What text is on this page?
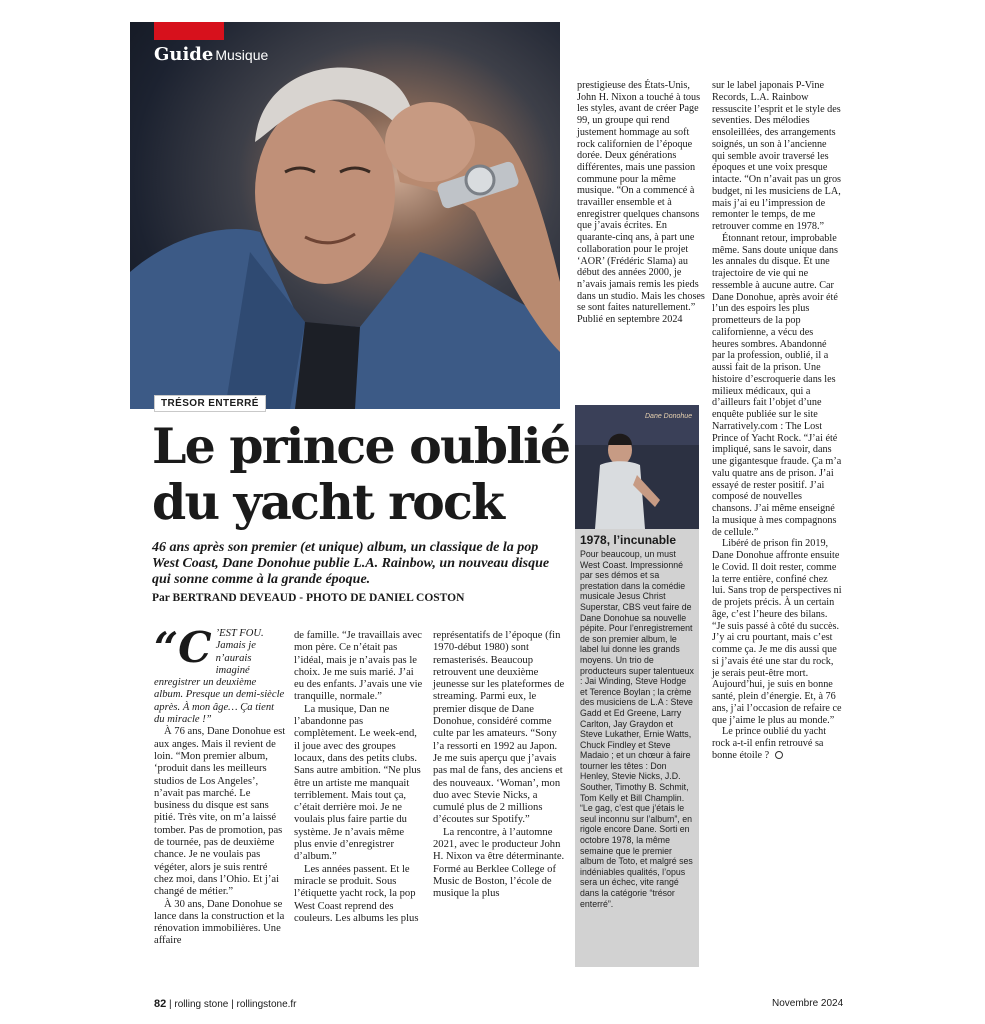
Guide Musique
TRÉSOR ENTERRÉ
Le prince oublié du yacht rock
46 ans après son premier (et unique) album, un classique de la pop West Coast, Dane Donohue publie L.A. Rainbow, un nouveau disque qui sonne comme à la grande époque.
Par BERTRAND DEVEAUD - PHOTO DE DANIEL COSTON

“C ’EST FOU. Jamais je n’aurais imaginé enregistrer un deuxième album. Presque un demi-siècle après. À mon âge… Ça tient du miracle !”

À 76 ans, Dane Donohue est aux anges. Mais il revient de loin. “Mon premier album, ‘produit dans les meilleurs studios de Los Angeles’, n’avait pas marché. Le business du disque est sans pitié. Très vite, on m’a laissé tomber. Pas de promotion, pas de tournée, pas de deuxième chance. Je ne voulais pas végéter, alors je suis rentré chez moi, dans l’Ohio. Et j’ai changé de métier.”

À 30 ans, Dane Donohue se lance dans la construction et la rénovation immobilières. Une affaire

de famille. “Je travaillais avec mon père. Ce n’était pas l’idéal, mais je n’avais pas le choix. Je me suis marié. J’ai eu des enfants. J’avais une vie tranquille, normale.”

La musique, Dan ne l’abandonne pas complètement. Le week-end, il joue avec des groupes locaux, dans des petits clubs. Sans autre ambition. “Ne plus être un artiste me manquait terriblement. Mais tout ça, c’était derrière moi. Je ne voulais plus faire partie du système. Je n’avais même plus envie d’enregistrer d’album.”

Les années passent. Et le miracle se produit. Sous l’étiquette yacht rock, la pop West Coast reprend des couleurs. Les albums les plus

représentatifs de l’époque (fin 1970-début 1980) sont remasterisés. Beaucoup retrouvent une deuxième jeunesse sur les plateformes de streaming. Parmi eux, le premier disque de Dane Donohue, considéré comme culte par les amateurs. “Sony l’a ressorti en 1992 au Japon. Je me suis aperçu que j’avais pas mal de fans, des anciens et des nouveaux. ‘Woman’, mon duo avec Stevie Nicks, a cumulé plus de 2 millions d’écoutes sur Spotify.”

La rencontre, à l’automne 2021, avec le producteur John H. Nixon va être déterminante. Formé au Berklee College of Music de Boston, l’école de musique la plus

prestigieuse des États-Unis, John H. Nixon a touché à tous les styles, avant de créer Page 99, un groupe qui rend justement hommage au soft rock californien de l’époque dorée. Deux générations différentes, mais une passion commune pour la même musique. “On a commencé à travailler ensemble et à enregistrer quelques chansons que j’avais écrites. En quarante-cinq ans, à part une collaboration pour le projet ‘AOR’ (Frédéric Slama) au début des années 2000, je n’avais jamais remis les pieds dans un studio. Mais les choses se sont faites naturellement.”

Publié en septembre 2024

Dane Donohue
1978, l’incunable
Pour beaucoup, un must West Coast. Impressionné par ses démos et sa prestation dans la comédie musicale Jesus Christ Superstar, CBS veut faire de Dane Donohue sa nouvelle pépite. Pour l’enregistrement de son premier album, le label lui donne les grands moyens. Un trio de producteurs super talentueux : Jai Winding, Steve Hodge et Terence Boylan ; la crème des musiciens de L.A : Steve Gadd et Ed Greene, Larry Carlton, Jay Graydon et Steve Lukather, Ernie Watts, Chuck Findley et Steve Madaio ; et un chœur à faire tourner les têtes : Don Henley, Stevie Nicks, J.D. Souther, Timothy B. Schmit, Tom Kelly et Bill Champlin. “Le gag, c’est que j’étais le seul inconnu sur l’album”, en rigole encore Dane. Sorti en octobre 1978, la même semaine que le premier album de Toto, et malgré ses indéniables qualités, l’opus sera un échec, vite rangé dans la catégorie “trésor enterré”.

sur le label japonais P-Vine Records, L.A. Rainbow ressuscite l’esprit et le style des seventies. Des mélodies ensoleillées, des arrangements soignés, un son à l’ancienne qui semble avoir traversé les époques et une voix presque intacte. “On n’avait pas un gros budget, ni les musiciens de LA, mais j’ai eu l’impression de remonter le temps, de me retrouver comme en 1978.”

Étonnant retour, improbable même. Sans doute unique dans les annales du disque. Et une trajectoire de vie qui ne ressemble à aucune autre. Car Dane Donohue, après avoir été l’un des espoirs les plus prometteurs de la pop californienne, a vécu des heures sombres. Abandonné par la profession, oublié, il a aussi fait de la prison. Une histoire d’escroquerie dans les milieux médicaux, qui a d’ailleurs fait l’objet d’une enquête publiée sur le site Narratively.com : The Lost Prince of Yacht Rock. “J’ai été impliqué, sans le savoir, dans une gigantesque fraude. Ça m’a valu quatre ans de prison. J’ai essayé de rester positif. J’ai composé de nouvelles chansons. J’ai même enseigné la musique à mes compagnons de cellule.”

Libéré de prison fin 2019, Dane Donohue affronte ensuite le Covid. Il doit rester, comme la terre entière, confiné chez lui. Sans trop de perspectives ni de projets précis. À un certain âge, c’est l’heure des bilans. “Je suis passé à côté du succès. J’y ai cru pourtant, mais c’est comme ça. Je me dis aussi que si j’avais été une star du rock, je serais peut-être mort. Aujourd’hui, je suis en bonne santé, plein d’énergie. Et, à 76 ans, j’ai l’occasion de refaire ce que j’aime le plus au monde.”

Le prince oublié du yacht rock a-t-il enfin retrouvé sa bonne étoile ?

82 | rolling stone | rollingstone.fr	Novembre 2024
